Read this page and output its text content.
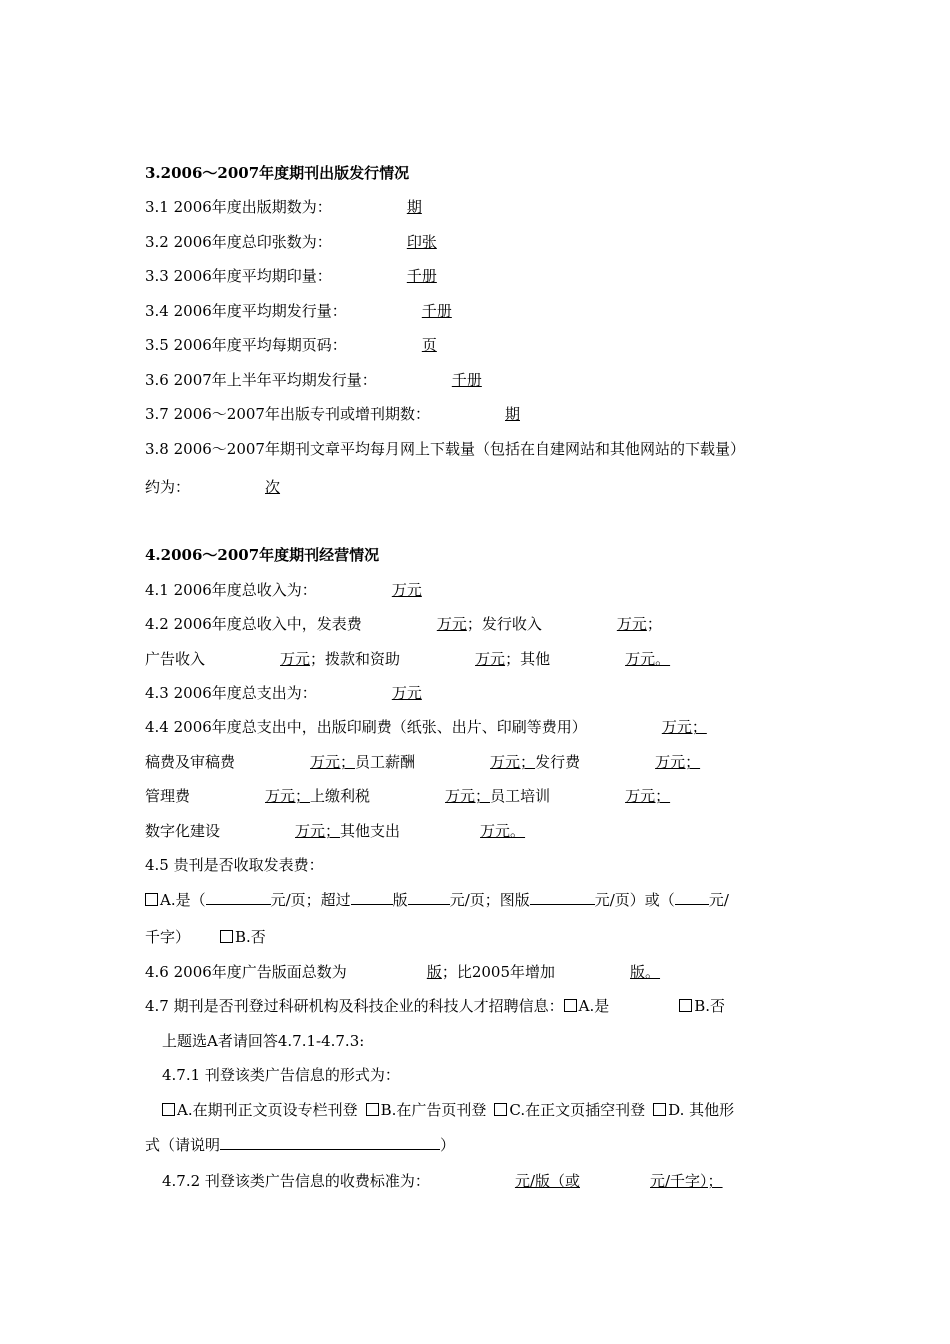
3.2006～2007年度期刊出版发行情况
3.1 2006年度出版期数为：	期
3.2 2006年度总印张数为：	印张
3.3 2006年度平均期印量：	千册
3.4 2006年度平均期发行量：	千册
3.5 2006年度平均每期页码：	页
3.6 2007年上半年平均期发行量：	千册
3.7 2006～2007年出版专刊或增刊期数：	期
3.8 2006～2007年期刊文章平均每月网上下载量（包括在自建网站和其他网站的下载量）
约为：	次
4.2006～2007年度期刊经营情况
4.1 2006年度总收入为：	万元
4.2 2006年度总收入中，发表费	万元；发行收入	万元；
广告收入	万元；拨款和资助	万元；其他	万元。
4.3 2006年度总支出为：	万元
4.4 2006年度总支出中，出版印刷费（纸张、出片、印刷等费用）	万元；
稿费及审稿费	万元；员工薪酬	万元；发行费	万元；
管理费	万元；上缴利税	万元；员工培训	万元；
数字化建设	万元；其他支出	万元。
4.5 贵刊是否收取发表费：
A.是（	元/页；超过	版	元/页；图版	元/页）或（ 元/
千字）	B.否
4.6 2006年度广告版面总数为	版；比2005年增加	版。
4.7 期刊是否刊登过科研机构及科技企业的科技人才招聘信息： A.是	B.否
上题选A者请回答4.7.1-4.7.3:
4.7.1 刊登该类广告信息的形式为：
A.在期刊正文页设专栏刊登 B.在广告页刊登 C.在正文页插空刊登 D. 其他形
式（请说明	）
4.7.2 刊登该类广告信息的收费标准为：	元/版（或	元/千字）；
